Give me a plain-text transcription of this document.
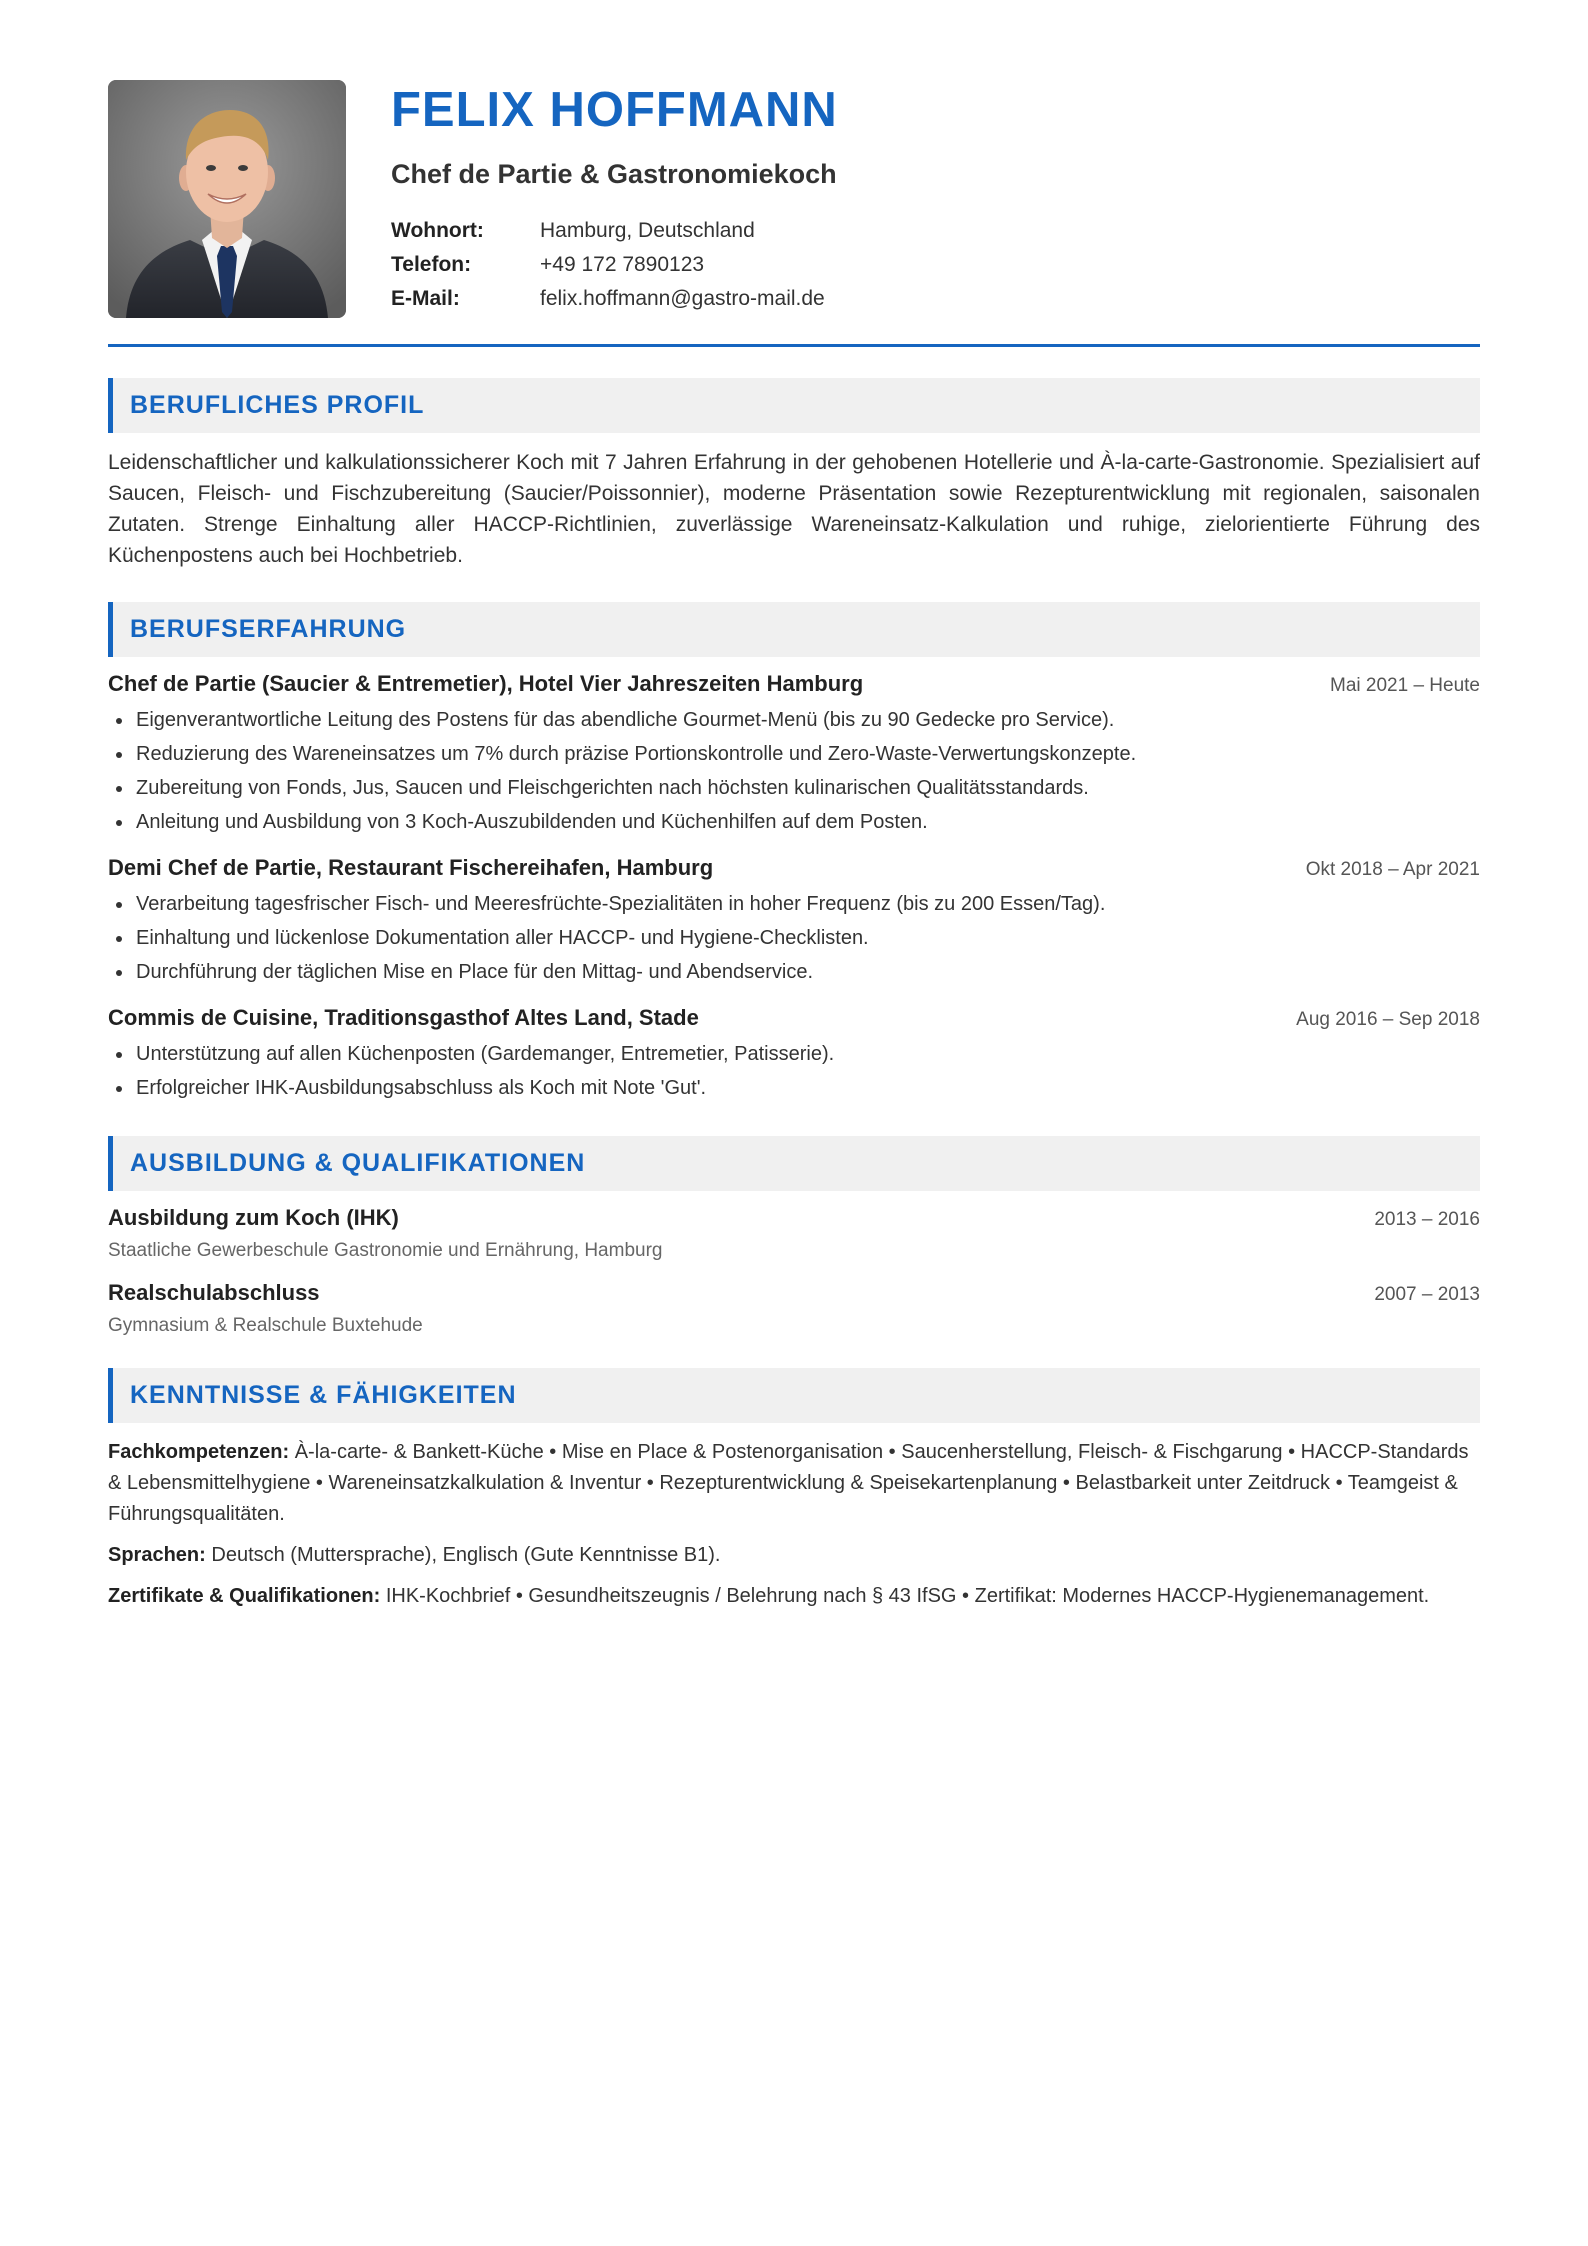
FELIX HOFFMANN
Chef de Partie & Gastronomiekoch
Wohnort:	Hamburg, Deutschland
Telefon:	+49 172 7890123
E-Mail:	felix.hoffmann@gastro-mail.de
BERUFLICHES PROFIL
Leidenschaftlicher und kalkulationssicherer Koch mit 7 Jahren Erfahrung in der gehobenen Hotellerie und À-la-carte-Gastronomie. Spezialisiert auf Saucen, Fleisch- und Fischzubereitung (Saucier/Poissonnier), moderne Präsentation sowie Rezepturentwicklung mit regionalen, saisonalen Zutaten. Strenge Einhaltung aller HACCP-Richtlinien, zuverlässige Wareneinsatz-Kalkulation und ruhige, zielorientierte Führung des Küchenpostens auch bei Hochbetrieb.
BERUFSERFAHRUNG
Chef de Partie (Saucier & Entremetier), Hotel Vier Jahreszeiten Hamburg	Mai 2021 – Heute
Eigenverantwortliche Leitung des Postens für das abendliche Gourmet-Menü (bis zu 90 Gedecke pro Service).
Reduzierung des Wareneinsatzes um 7% durch präzise Portionskontrolle und Zero-Waste-Verwertungskonzepte.
Zubereitung von Fonds, Jus, Saucen und Fleischgerichten nach höchsten kulinarischen Qualitätsstandards.
Anleitung und Ausbildung von 3 Koch-Auszubildenden und Küchenhilfen auf dem Posten.
Demi Chef de Partie, Restaurant Fischereihafen, Hamburg	Okt 2018 – Apr 2021
Verarbeitung tagesfrischer Fisch- und Meeresfrüchte-Spezialitäten in hoher Frequenz (bis zu 200 Essen/Tag).
Einhaltung und lückenlose Dokumentation aller HACCP- und Hygiene-Checklisten.
Durchführung der täglichen Mise en Place für den Mittag- und Abendservice.
Commis de Cuisine, Traditionsgasthof Altes Land, Stade	Aug 2016 – Sep 2018
Unterstützung auf allen Küchenposten (Gardemanger, Entremetier, Patisserie).
Erfolgreicher IHK-Ausbildungsabschluss als Koch mit Note 'Gut'.
AUSBILDUNG & QUALIFIKATIONEN
Ausbildung zum Koch (IHK)	2013 – 2016
Staatliche Gewerbeschule Gastronomie und Ernährung, Hamburg
Realschulabschluss	2007 – 2013
Gymnasium & Realschule Buxtehude
KENNTNISSE & FÄHIGKEITEN
Fachkompetenzen: À-la-carte- & Bankett-Küche • Mise en Place & Postenorganisation • Saucenherstellung, Fleisch- & Fischgarung • HACCP-Standards & Lebensmittelhygiene • Wareneinsatzkalkulation & Inventur • Rezepturentwicklung & Speisekartenplanung • Belastbarkeit unter Zeitdruck • Teamgeist & Führungsqualitäten.
Sprachen: Deutsch (Muttersprache), Englisch (Gute Kenntnisse B1).
Zertifikate & Qualifikationen: IHK-Kochbrief • Gesundheitszeugnis / Belehrung nach § 43 IfSG • Zertifikat: Modernes HACCP-Hygienemanagement.
